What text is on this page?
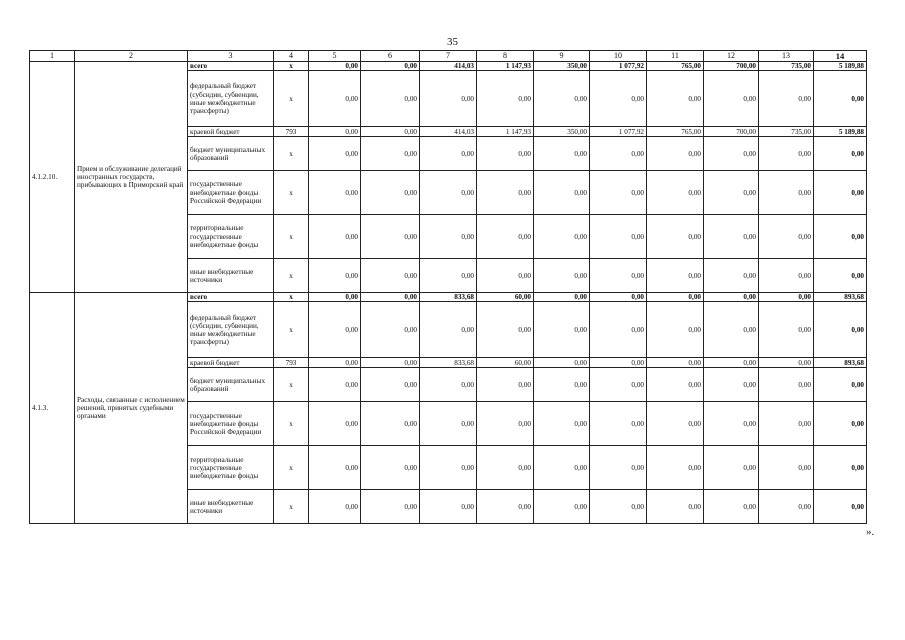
35
1	2	3	4	5	6	7	8	9	10	11	12	13	14
4.1.2.10.	Прием и обслуживание делегаций иностранных государств, прибывающих в Приморский край	всего	x	0,00	0,00	414,03	1 147,93	350,00	1 077,92	765,00	700,00	735,00	5 189,88
		федеральный бюджет (субсидии, субвенции, иные межбюджетные трансферты)	x	0,00	0,00	0,00	0,00	0,00	0,00	0,00	0,00	0,00	0,00
		краевой бюджет	793	0,00	0,00	414,03	1 147,93	350,00	1 077,92	765,00	700,00	735,00	5 189,88
		бюджет муниципальных образований	x	0,00	0,00	0,00	0,00	0,00	0,00	0,00	0,00	0,00	0,00
		государственные внебюджетные фонды Российской Федерации	x	0,00	0,00	0,00	0,00	0,00	0,00	0,00	0,00	0,00	0,00
		территориальные государственные внебюджетные фонды	x	0,00	0,00	0,00	0,00	0,00	0,00	0,00	0,00	0,00	0,00
		иные внебюджетные источники	x	0,00	0,00	0,00	0,00	0,00	0,00	0,00	0,00	0,00	0,00
4.1.3.	Расходы, связанные с исполнением решений, принятых судебными органами	всего	x	0,00	0,00	833,68	60,00	0,00	0,00	0,00	0,00	0,00	893,68
		федеральный бюджет (субсидии, субвенции, иные межбюджетные трансферты)	x	0,00	0,00	0,00	0,00	0,00	0,00	0,00	0,00	0,00	0,00
		краевой бюджет	793	0,00	0,00	833,68	60,00	0,00	0,00	0,00	0,00	0,00	893,68
		бюджет муниципальных образований	x	0,00	0,00	0,00	0,00	0,00	0,00	0,00	0,00	0,00	0,00
		государственные внебюджетные фонды Российской Федерации	x	0,00	0,00	0,00	0,00	0,00	0,00	0,00	0,00	0,00	0,00
		территориальные государственные внебюджетные фонды	x	0,00	0,00	0,00	0,00	0,00	0,00	0,00	0,00	0,00	0,00
		иные внебюджетные источники	x	0,00	0,00	0,00	0,00	0,00	0,00	0,00	0,00	0,00	0,00
».
